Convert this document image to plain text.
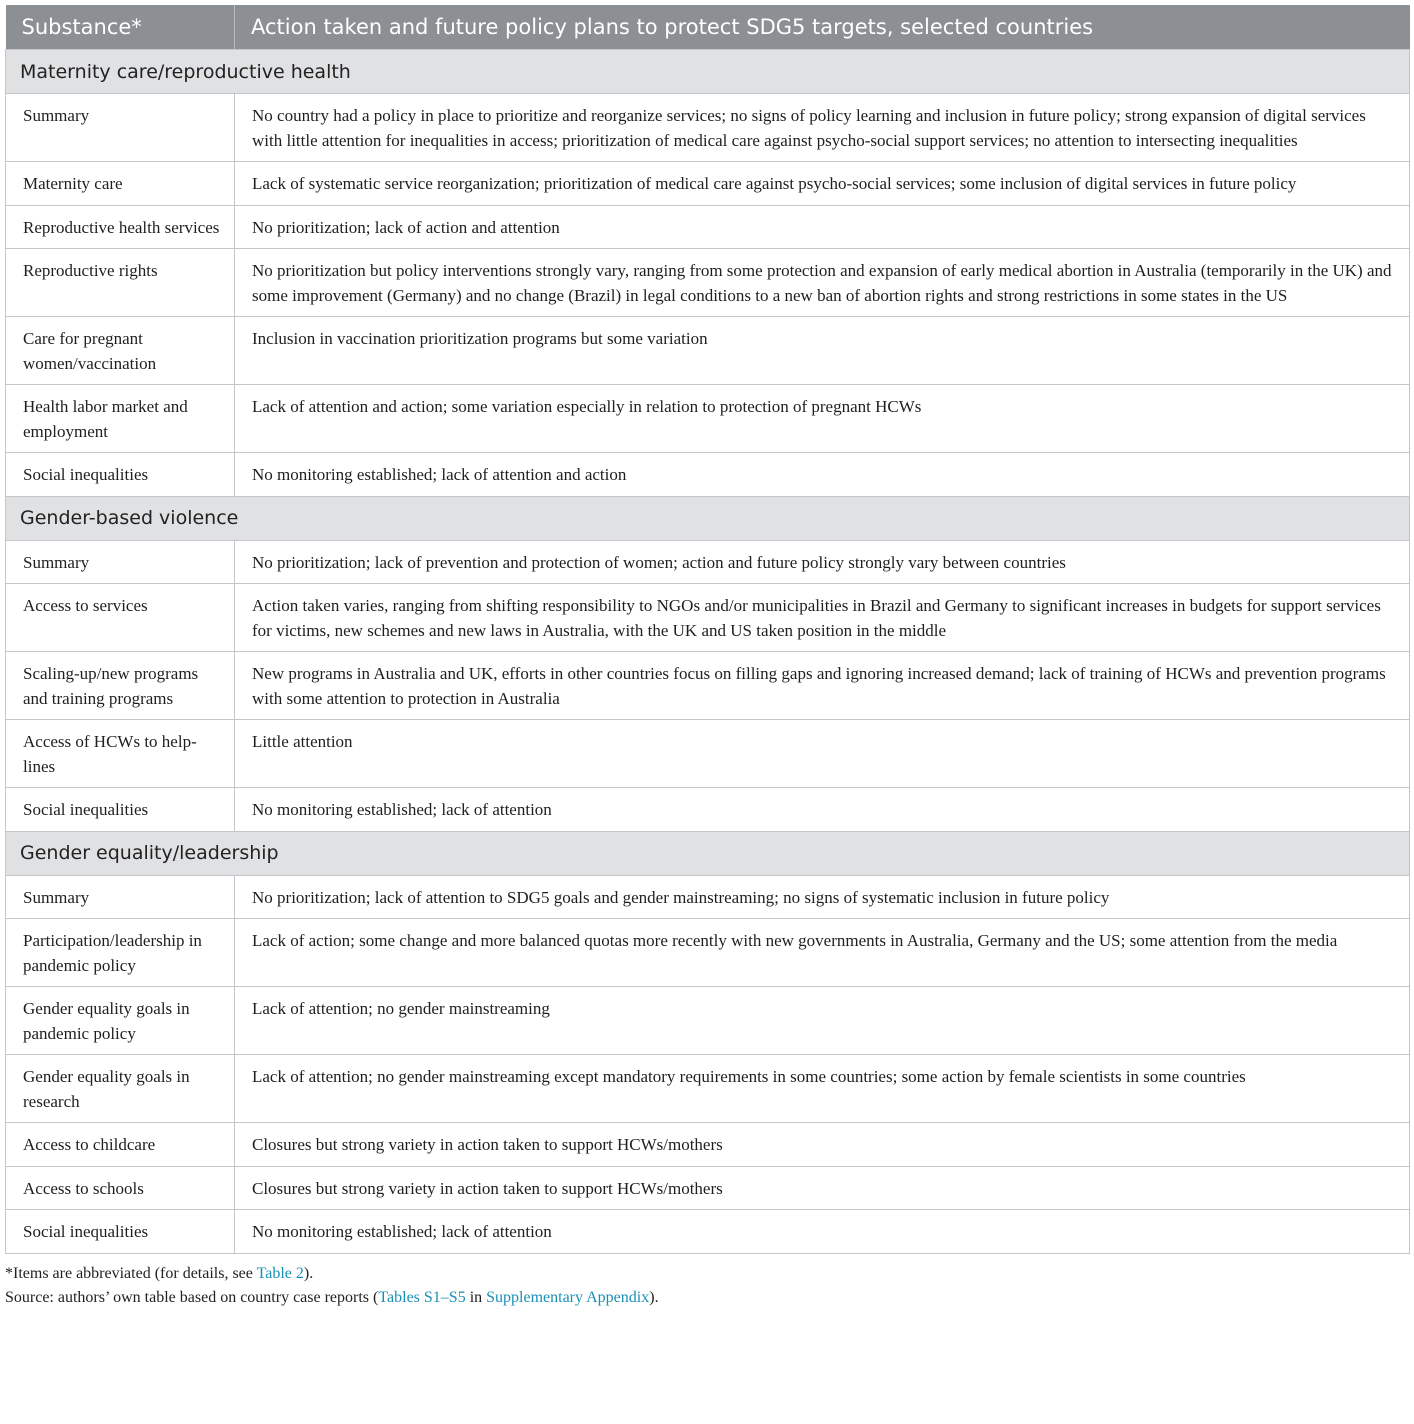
Substance*	Action taken and future policy plans to protect SDG5 targets, selected countries
Maternity care/reproductive health	
Summary	No country had a policy in place to prioritize and reorganize services; no signs of policy learning and inclusion in future policy; strong expansion of digital services with little attention for inequalities in access; prioritization of medical care against psycho-social support services; no attention to intersecting inequalities
Maternity care	Lack of systematic service reorganization; prioritization of medical care against psycho-social services; some inclusion of digital services in future policy
Reproductive health services	No prioritization; lack of action and attention
Reproductive rights	No prioritization but policy interventions strongly vary, ranging from some protection and expansion of early medical abortion in Australia (temporarily in the UK) and some improvement (Germany) and no change (Brazil) in legal conditions to a new ban of abortion rights and strong restrictions in some states in the US
Care for pregnant women/vaccination	Inclusion in vaccination prioritization programs but some variation
Health labor market and employment	Lack of attention and action; some variation especially in relation to protection of pregnant HCWs
Social inequalities	No monitoring established; lack of attention and action
Gender-based violence	
Summary	No prioritization; lack of prevention and protection of women; action and future policy strongly vary between countries
Access to services	Action taken varies, ranging from shifting responsibility to NGOs and/or municipalities in Brazil and Germany to significant increases in budgets for support services for victims, new schemes and new laws in Australia, with the UK and US taken position in the middle
Scaling-up/new programs and training programs	New programs in Australia and UK, efforts in other countries focus on filling gaps and ignoring increased demand; lack of training of HCWs and prevention programs with some attention to protection in Australia
Access of HCWs to help-lines	Little attention
Social inequalities	No monitoring established; lack of attention
Gender equality/leadership	
Summary	No prioritization; lack of attention to SDG5 goals and gender mainstreaming; no signs of systematic inclusion in future policy
Participation/leadership in pandemic policy	Lack of action; some change and more balanced quotas more recently with new governments in Australia, Germany and the US; some attention from the media
Gender equality goals in pandemic policy	Lack of attention; no gender mainstreaming
Gender equality goals in research	Lack of attention; no gender mainstreaming except mandatory requirements in some countries; some action by female scientists in some countries
Access to childcare	Closures but strong variety in action taken to support HCWs/mothers
Access to schools	Closures but strong variety in action taken to support HCWs/mothers
Social inequalities	No monitoring established; lack of attention
*Items are abbreviated (for details, see Table 2).
Source: authors’ own table based on country case reports (Tables S1–S5 in Supplementary Appendix).
